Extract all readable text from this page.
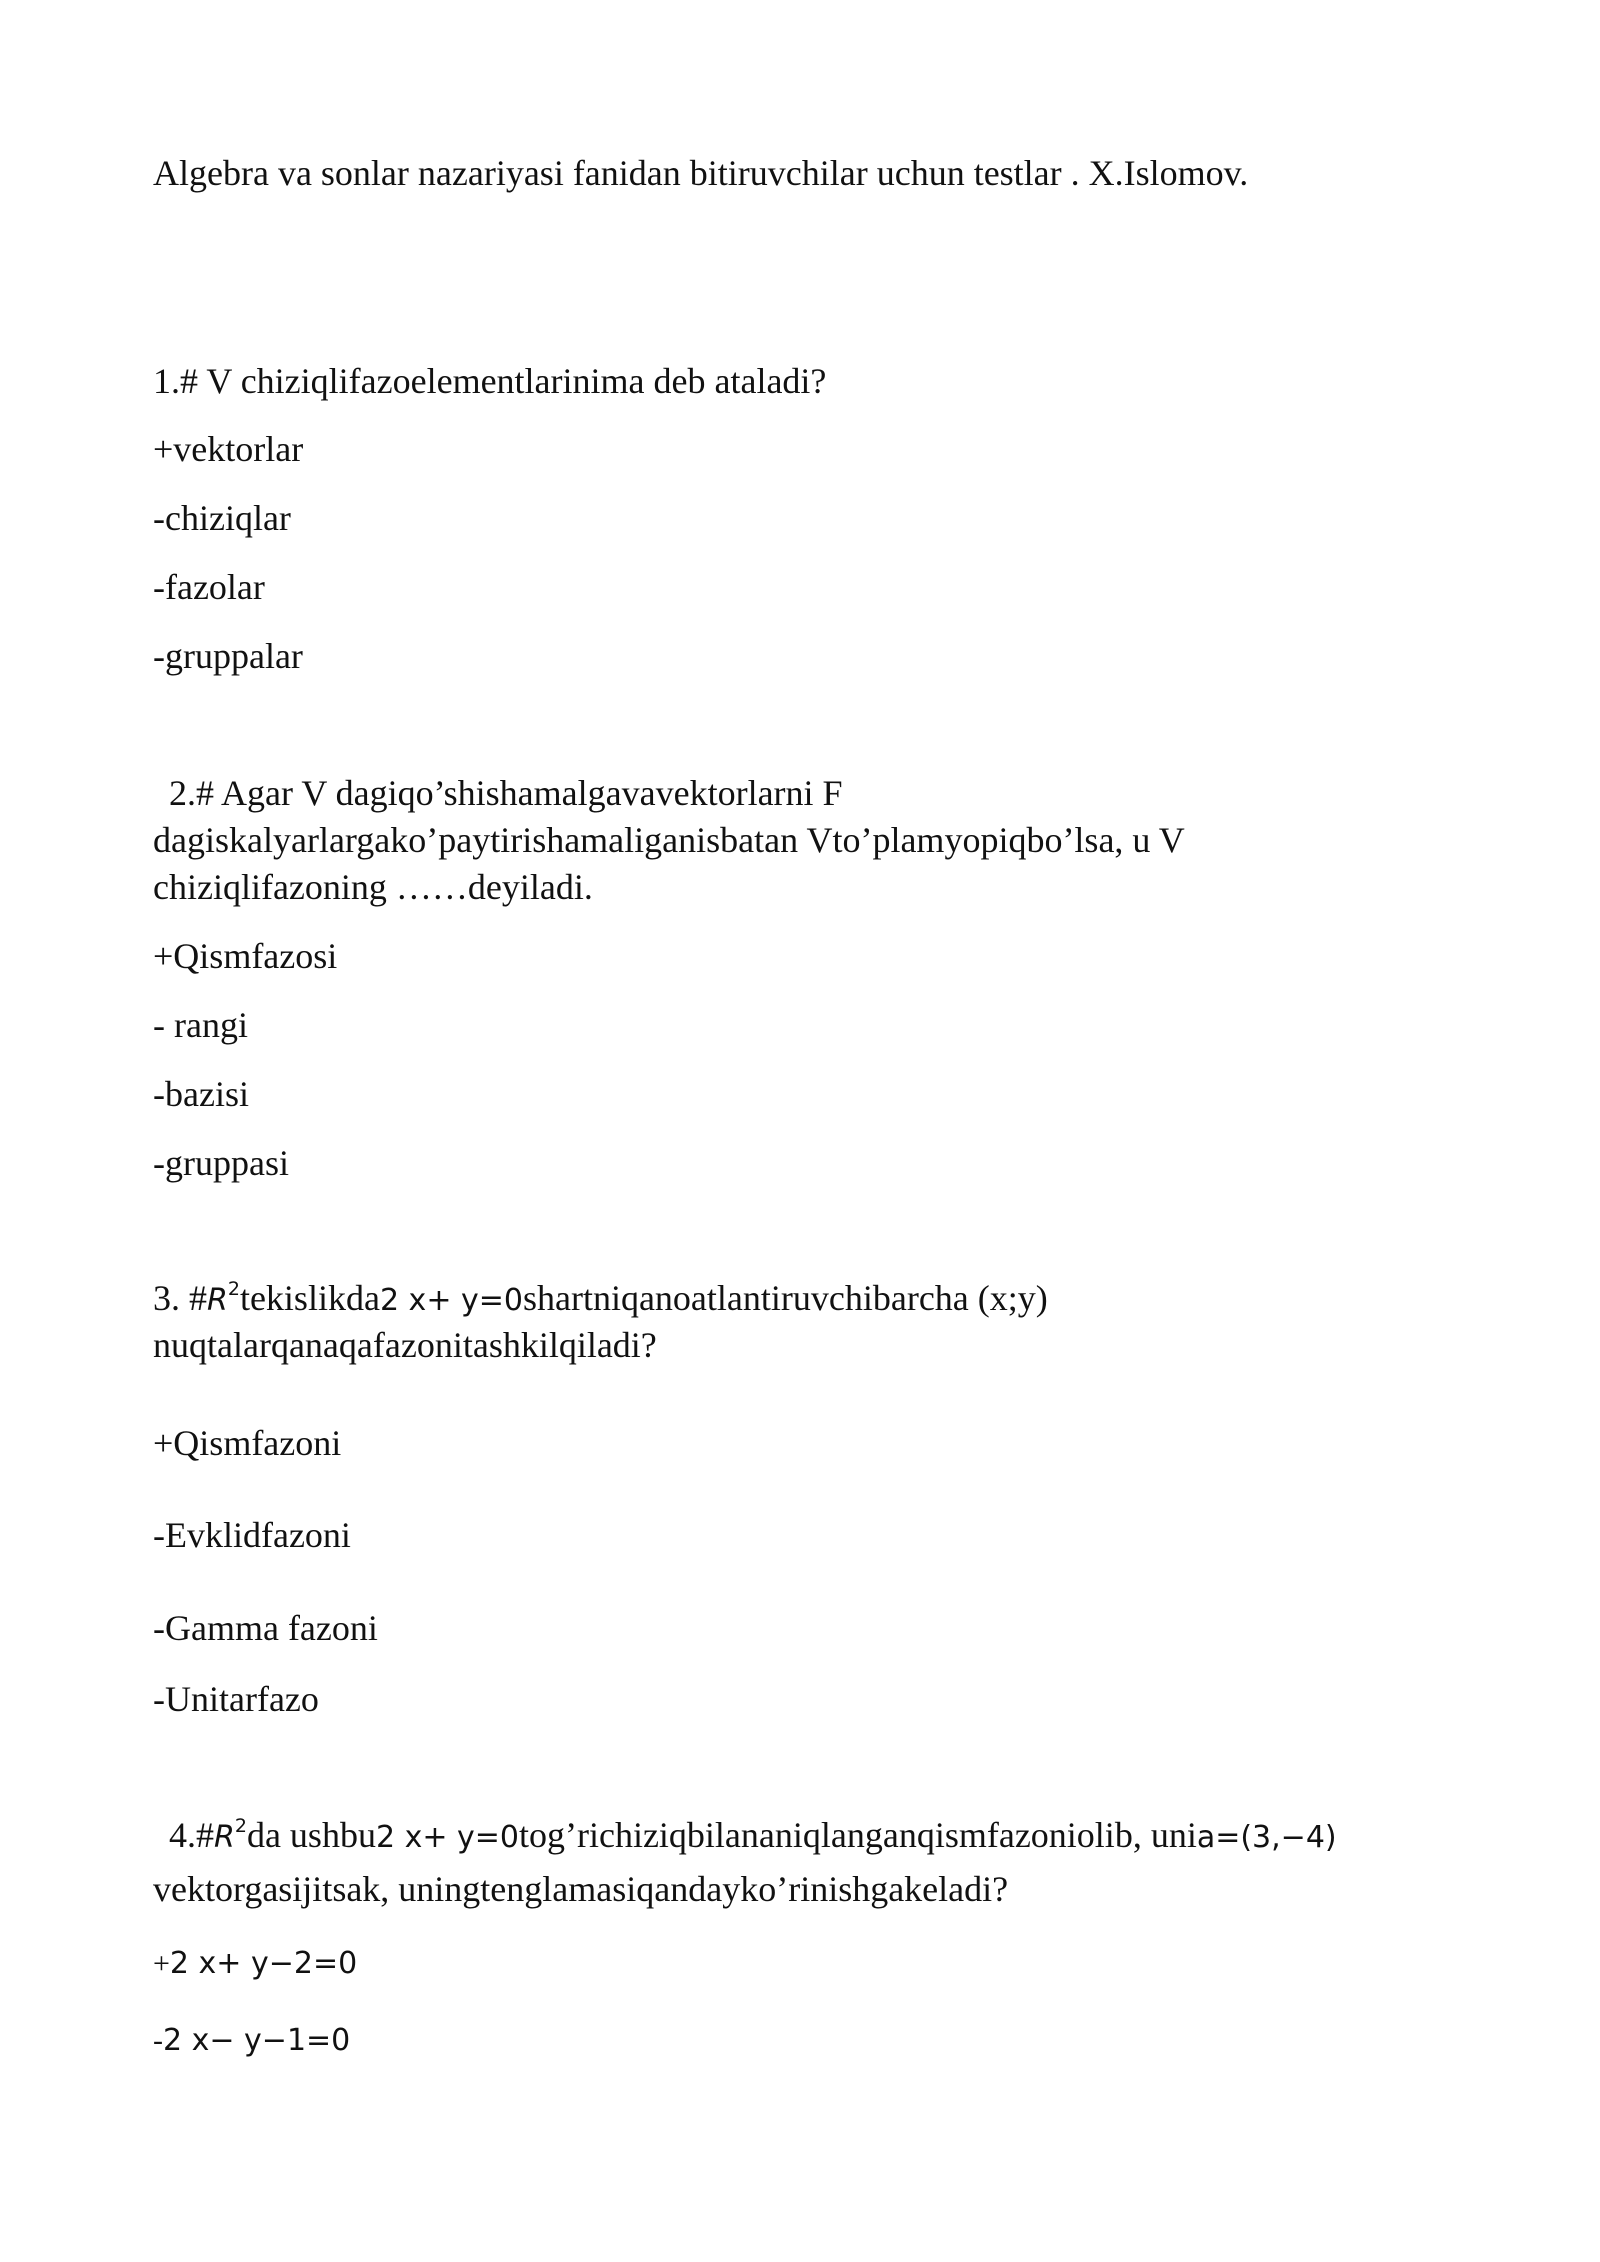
Algebra va sonlar nazariyasi fanidan bitiruvchilar uchun testlar . X.Islomov.
1.# V chiziqlifazoelementlarinima deb ataladi?
+vektorlar
-chiziqlar
-fazolar
-gruppalar
2.# Agar V dagiqo’shishamalgavavektorlarni F
dagiskalyarlargako’paytirishamaliganisbatan Vto’plamyopiqbo’lsa, u V
chiziqlifazoning ……deyiladi.
+Qismfazosi
- rangi
-bazisi
-gruppasi
3. $\#R^2tekislikda2$ x+ y=0shartniqanoatlantiruvchibarcha (x;y)
nuqtalarqanaqafazonitashkilqiladi?
+Qismfazoni
-Evklidfazoni
-Gamma fazoni
-Unitarfazo
$4.\#R^2da$ ushbu2 x+ y=0tog’richiziqbilananiqlanganqismfazoniolib, unia=(3,−4)
vektorgasijitsak, uningtenglamasiqandayko’rinishgakeladi?
+2 x+ y−2=0
-2 x− y−1=0
